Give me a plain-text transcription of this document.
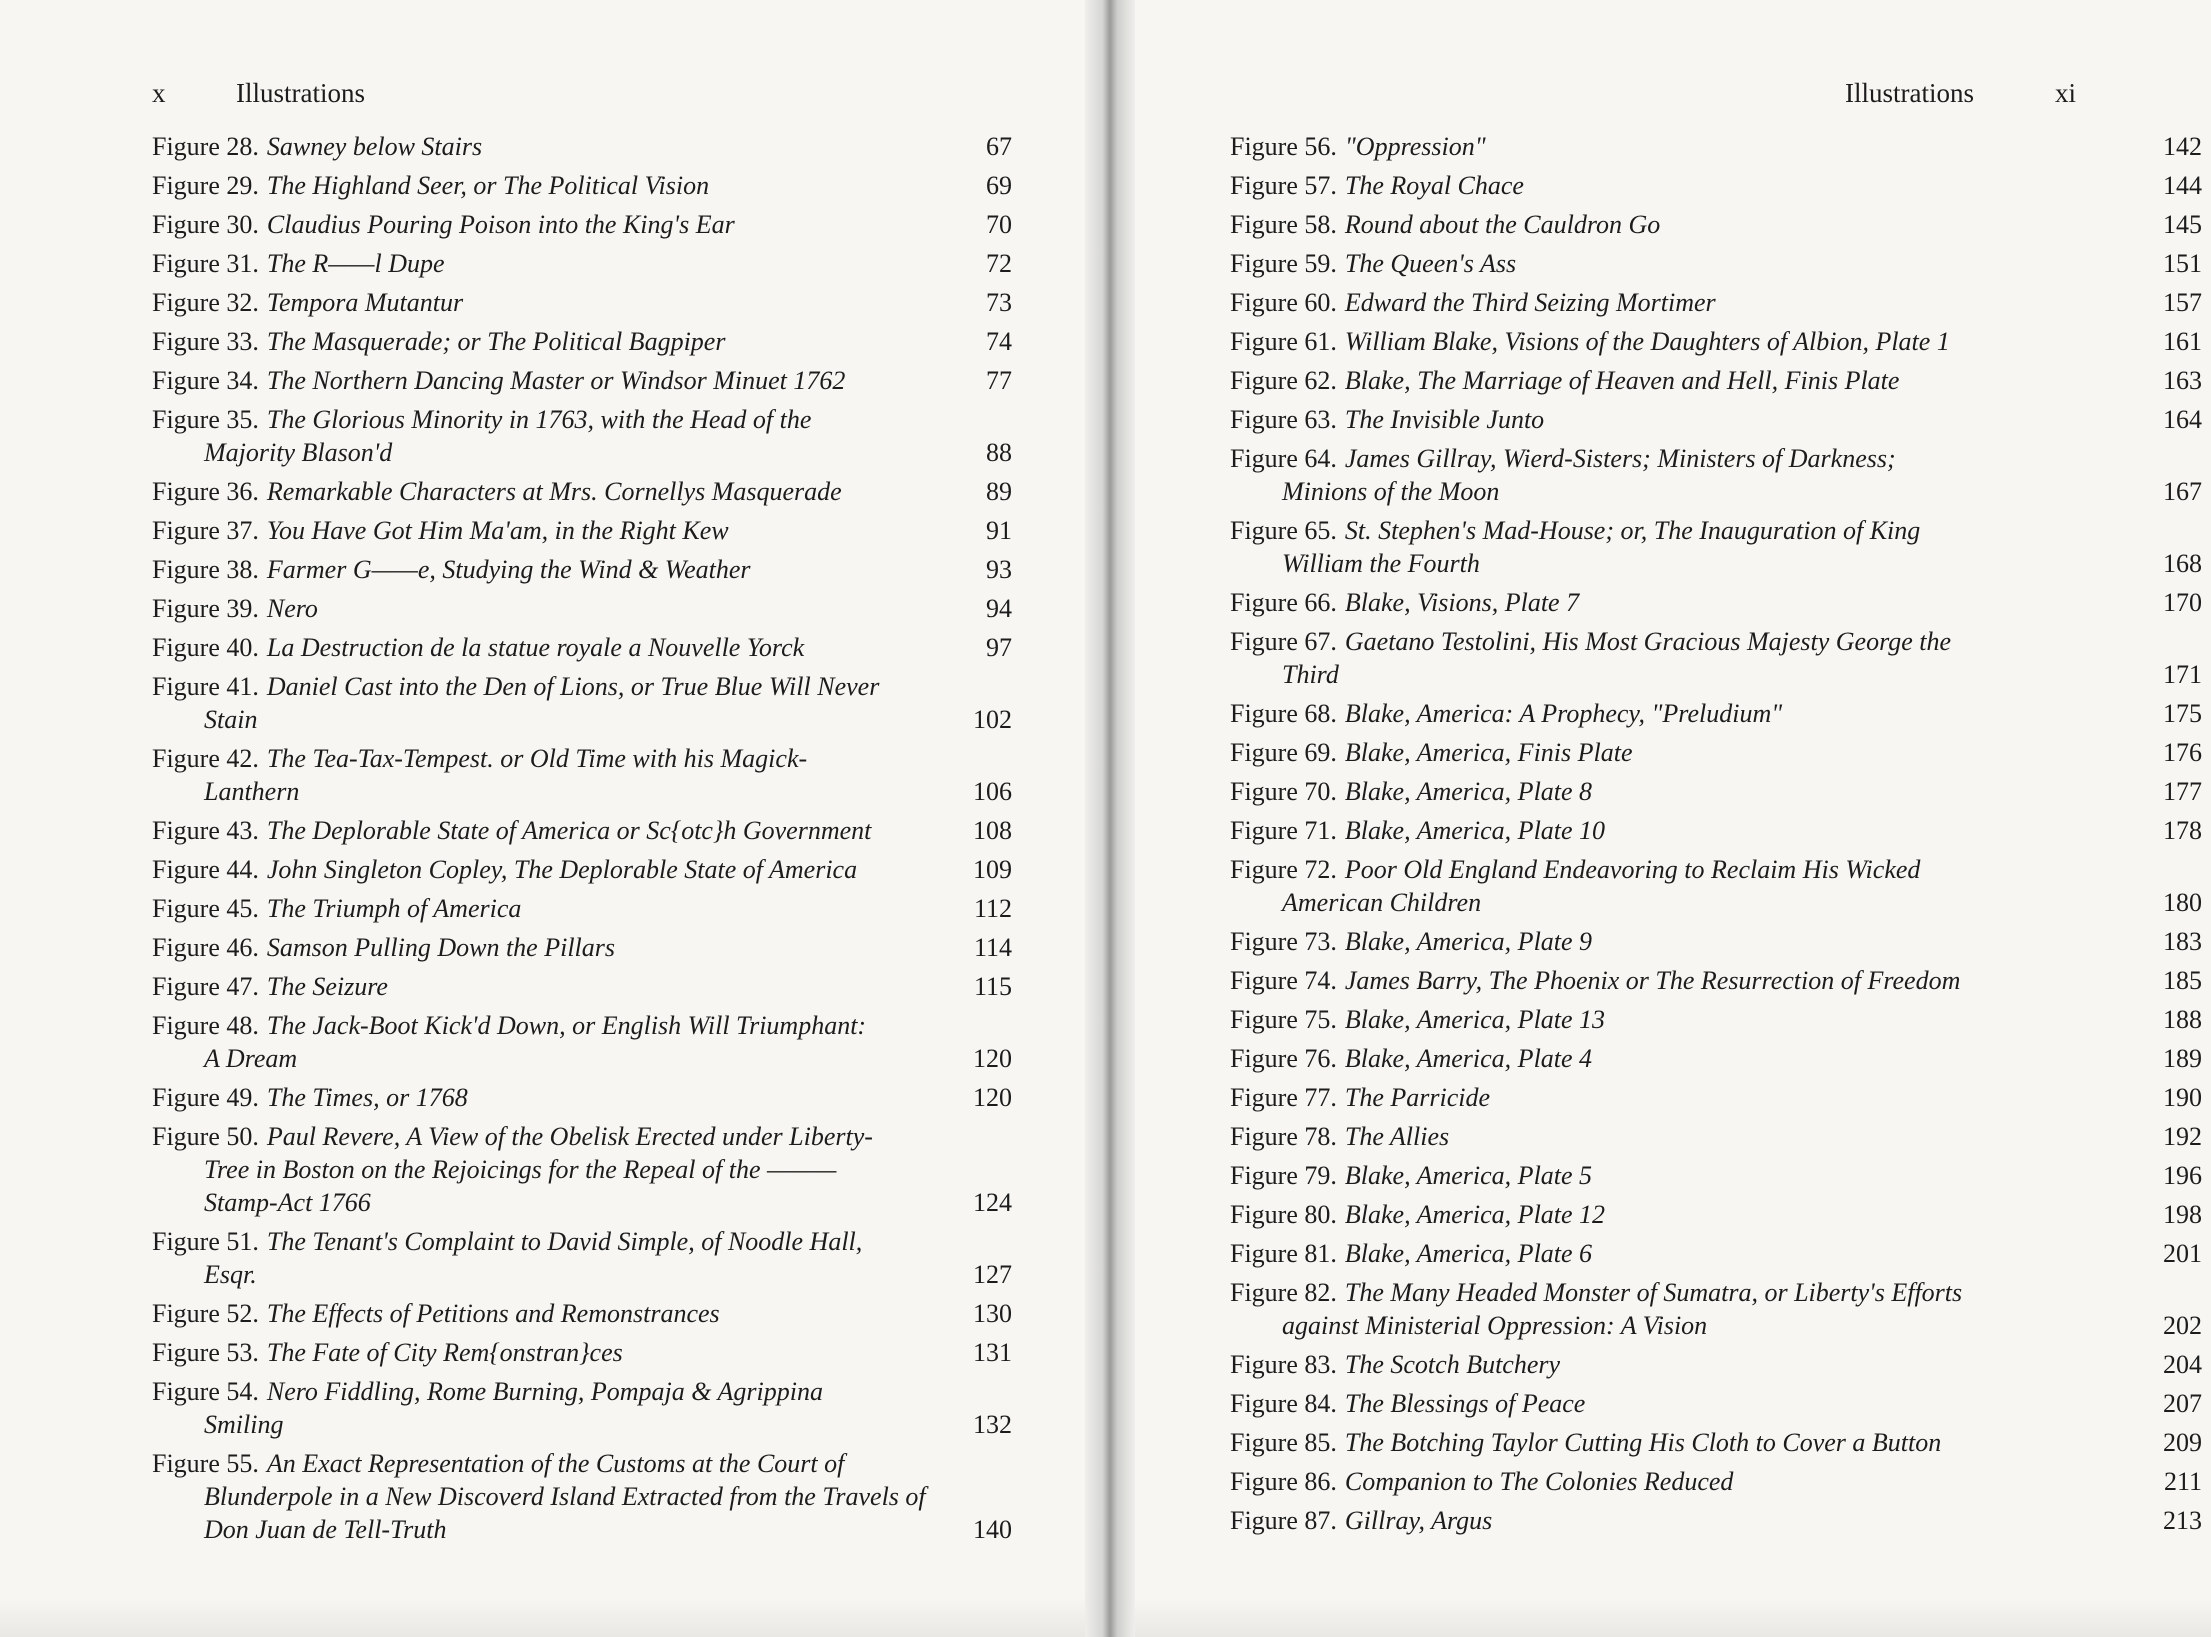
x	Illustrations
Figure 28. Sawney below Stairs	67
Figure 29. The Highland Seer, or The Political Vision	69
Figure 30. Claudius Pouring Poison into the King's Ear	70
Figure 31. The R——l Dupe	72
Figure 32. Tempora Mutantur	73
Figure 33. The Masquerade; or The Political Bagpiper	74
Figure 34. The Northern Dancing Master or Windsor Minuet 1762	77
Figure 35. The Glorious Minority in 1763, with the Head of the
Majority Blason'd	88
Figure 36. Remarkable Characters at Mrs. Cornellys Masquerade	89
Figure 37. You Have Got Him Ma'am, in the Right Kew	91
Figure 38. Farmer G——e, Studying the Wind & Weather	93
Figure 39. Nero	94
Figure 40. La Destruction de la statue royale a Nouvelle Yorck	97
Figure 41. Daniel Cast into the Den of Lions, or True Blue Will Never
Stain	102
Figure 42. The Tea-Tax-Tempest. or Old Time with his Magick-
Lanthern	106
Figure 43. The Deplorable State of America or Sc{otc}h Government	108
Figure 44. John Singleton Copley, The Deplorable State of America	109
Figure 45. The Triumph of America	112
Figure 46. Samson Pulling Down the Pillars	114
Figure 47. The Seizure	115
Figure 48. The Jack-Boot Kick'd Down, or English Will Triumphant:
A Dream	120
Figure 49. The Times, or 1768	120
Figure 50. Paul Revere, A View of the Obelisk Erected under Liberty-
Tree in Boston on the Rejoicings for the Repeal of the ———
Stamp-Act 1766	124
Figure 51. The Tenant's Complaint to David Simple, of Noodle Hall,
Esqr.	127
Figure 52. The Effects of Petitions and Remonstrances	130
Figure 53. The Fate of City Rem{onstran}ces	131
Figure 54. Nero Fiddling, Rome Burning, Pompaja & Agrippina
Smiling	132
Figure 55. An Exact Representation of the Customs at the Court of
Blunderpole in a New Discoverd Island Extracted from the Travels of
Don Juan de Tell-Truth	140
Illustrations	xi
Figure 56. "Oppression"	142
Figure 57. The Royal Chace	144
Figure 58. Round about the Cauldron Go	145
Figure 59. The Queen's Ass	151
Figure 60. Edward the Third Seizing Mortimer	157
Figure 61. William Blake, Visions of the Daughters of Albion, Plate 1	161
Figure 62. Blake, The Marriage of Heaven and Hell, Finis Plate	163
Figure 63. The Invisible Junto	164
Figure 64. James Gillray, Wierd-Sisters; Ministers of Darkness;
Minions of the Moon	167
Figure 65. St. Stephen's Mad-House; or, The Inauguration of King
William the Fourth	168
Figure 66. Blake, Visions, Plate 7	170
Figure 67. Gaetano Testolini, His Most Gracious Majesty George the
Third	171
Figure 68. Blake, America: A Prophecy, "Preludium"	175
Figure 69. Blake, America, Finis Plate	176
Figure 70. Blake, America, Plate 8	177
Figure 71. Blake, America, Plate 10	178
Figure 72. Poor Old England Endeavoring to Reclaim His Wicked
American Children	180
Figure 73. Blake, America, Plate 9	183
Figure 74. James Barry, The Phoenix or The Resurrection of Freedom	185
Figure 75. Blake, America, Plate 13	188
Figure 76. Blake, America, Plate 4	189
Figure 77. The Parricide	190
Figure 78. The Allies	192
Figure 79. Blake, America, Plate 5	196
Figure 80. Blake, America, Plate 12	198
Figure 81. Blake, America, Plate 6	201
Figure 82. The Many Headed Monster of Sumatra, or Liberty's Efforts
against Ministerial Oppression: A Vision	202
Figure 83. The Scotch Butchery	204
Figure 84. The Blessings of Peace	207
Figure 85. The Botching Taylor Cutting His Cloth to Cover a Button	209
Figure 86. Companion to The Colonies Reduced	211
Figure 87. Gillray, Argus	213
